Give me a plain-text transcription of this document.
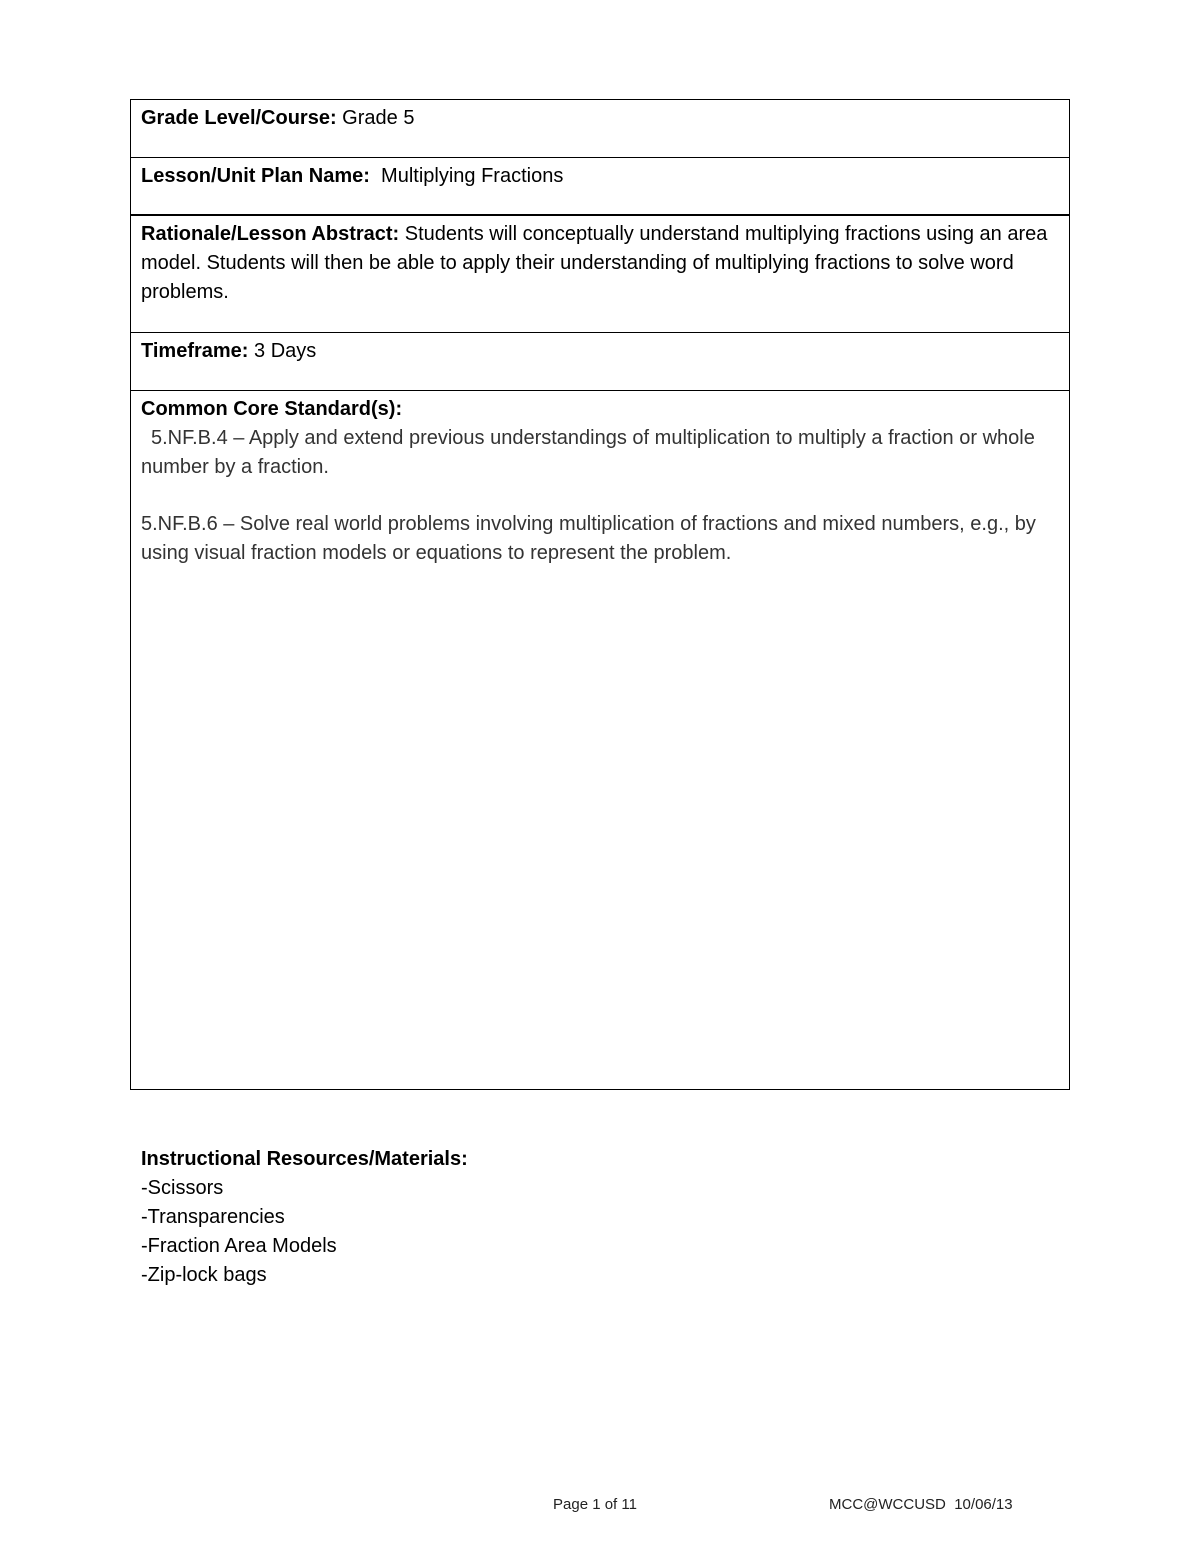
Grade Level/Course: Grade 5
Lesson/Unit Plan Name:  Multiplying Fractions
Rationale/Lesson Abstract: Students will conceptually understand multiplying fractions using an area model. Students will then be able to apply their understanding of multiplying fractions to solve word problems.
Timeframe: 3 Days
Common Core Standard(s):
5.NF.B.4 – Apply and extend previous understandings of multiplication to multiply a fraction or whole number by a fraction.
5.NF.B.6 – Solve real world problems involving multiplication of fractions and mixed numbers, e.g., by using visual fraction models or equations to represent the problem.
Instructional Resources/Materials:
-Scissors
-Transparencies
-Fraction Area Models
-Zip-lock bags
Page 1 of 11	MCC@WCCUSD  10/06/13
